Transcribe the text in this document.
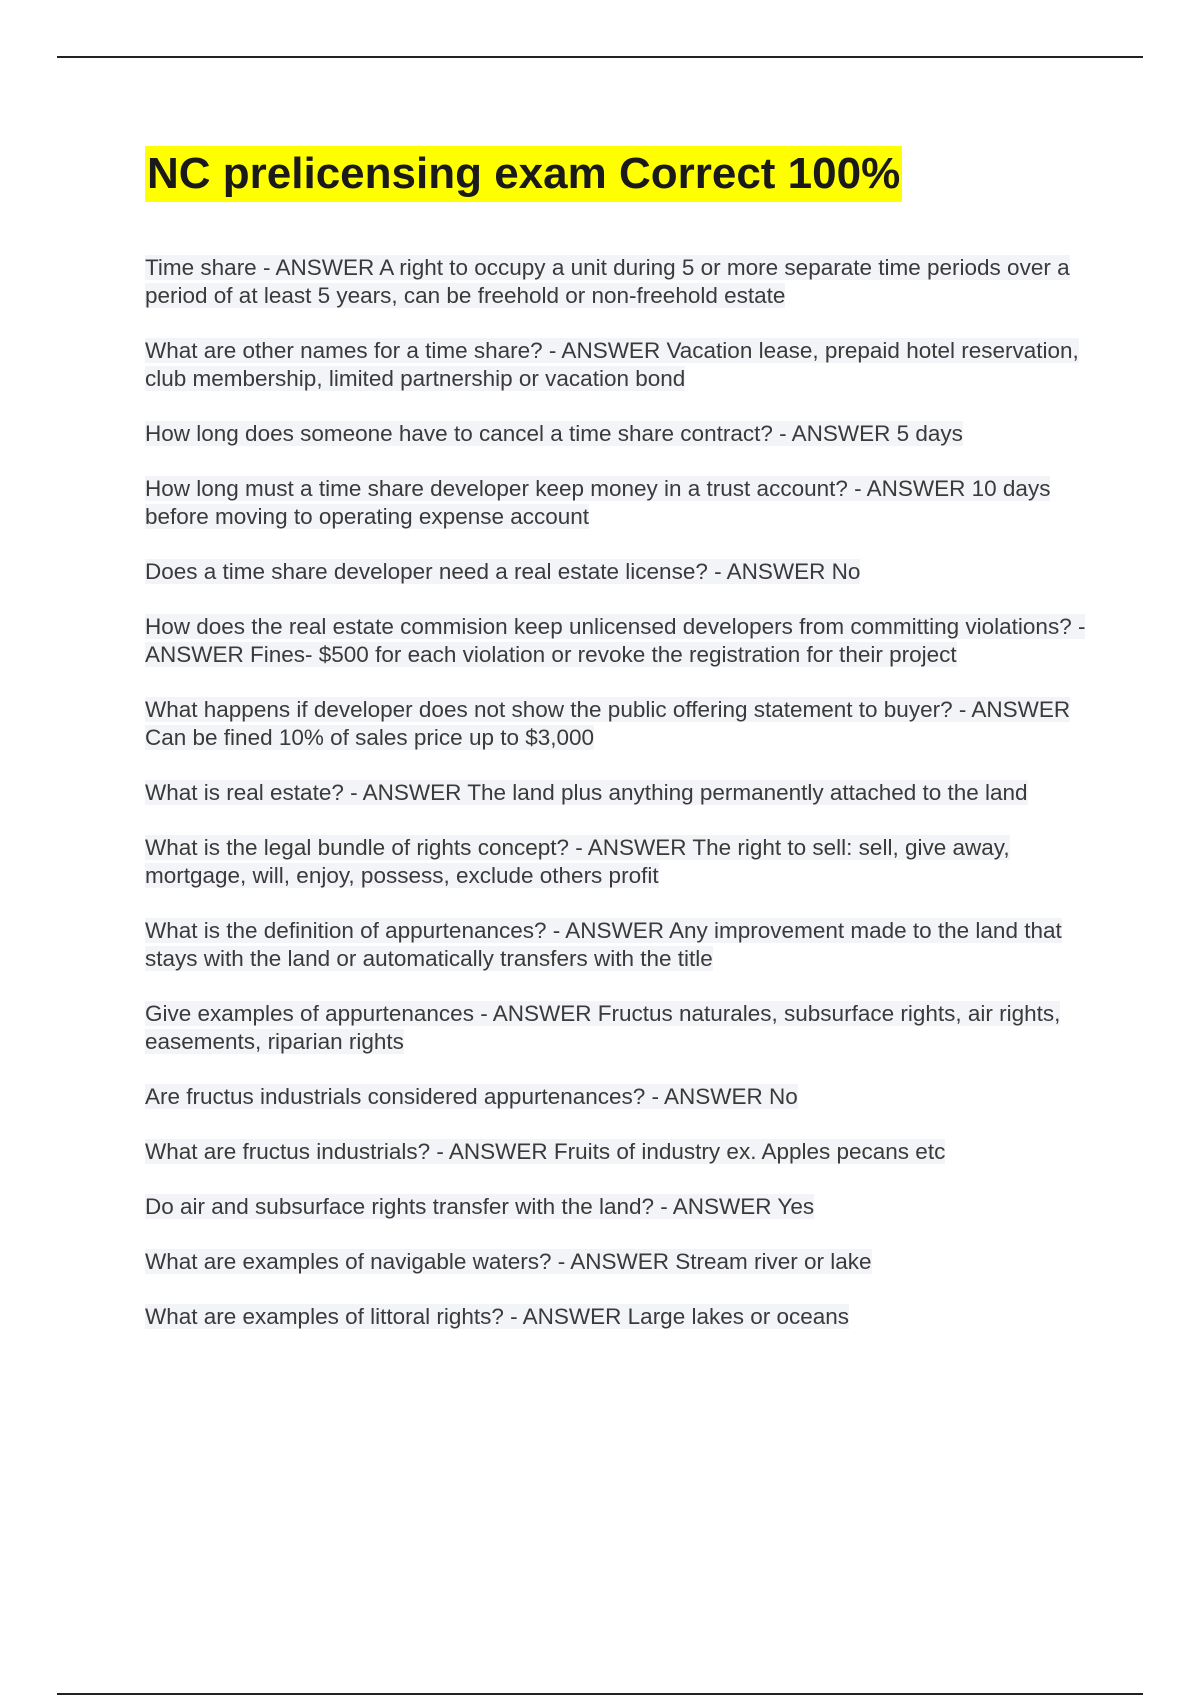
NC prelicensing exam Correct 100%
Time share - ANSWER A right to occupy a unit during 5 or more separate time periods over a period of at least 5 years, can be freehold or non-freehold estate
What are other names for a time share? - ANSWER Vacation lease, prepaid hotel reservation, club membership, limited partnership or vacation bond
How long does someone have to cancel a time share contract? - ANSWER 5 days
How long must a time share developer keep money in a trust account? - ANSWER 10 days before moving to operating expense account
Does a time share developer need a real estate license? - ANSWER No
How does the real estate commision keep unlicensed developers from committing violations? - ANSWER Fines- $500 for each violation or revoke the registration for their project
What happens if developer does not show the public offering statement to buyer? - ANSWER Can be fined 10% of sales price up to $3,000
What is real estate? - ANSWER The land plus anything permanently attached to the land
What is the legal bundle of rights concept? - ANSWER The right to sell: sell, give away, mortgage, will, enjoy, possess, exclude others profit
What is the definition of appurtenances? - ANSWER Any improvement made to the land that stays with the land or automatically transfers with the title
Give examples of appurtenances - ANSWER Fructus naturales, subsurface rights, air rights, easements, riparian rights
Are fructus industrials considered appurtenances? - ANSWER No
What are fructus industrials? - ANSWER Fruits of industry ex. Apples pecans etc
Do air and subsurface rights transfer with the land? - ANSWER Yes
What are examples of navigable waters? - ANSWER Stream river or lake
What are examples of littoral rights? - ANSWER Large lakes or oceans
